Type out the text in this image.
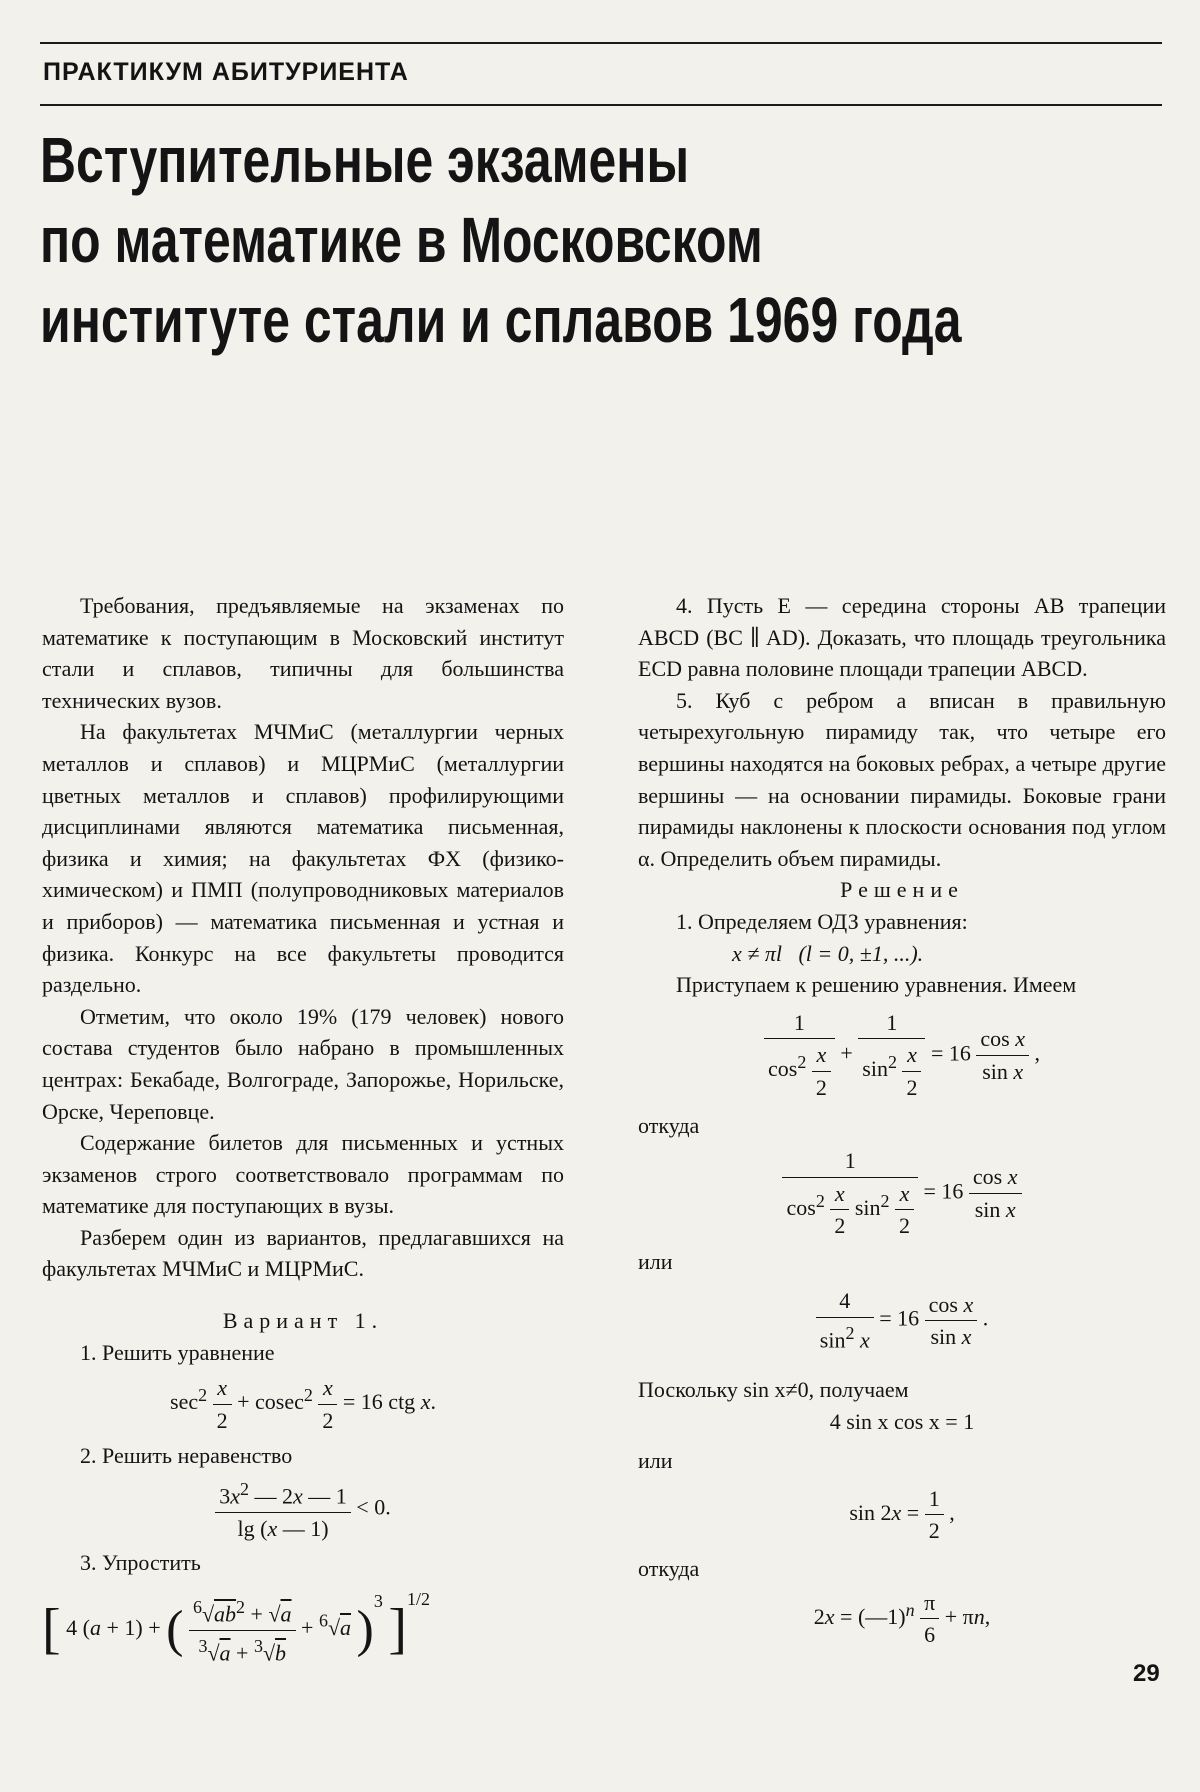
ПРАКТИКУМ АБИТУРИЕНТА
Вступительные экзамены
по математике в Московском
институте стали и сплавов 1969 года

Требования, предъявляемые на экзаменах по математике к поступающим в Московский институт стали и сплавов, типичны для большинства технических вузов.

На факультетах МЧМиС (металлургии черных металлов и сплавов) и МЦРМиС (металлургии цветных металлов и сплавов) профилирующими дисциплинами являются математика письменная, физика и химия; на факультетах ФХ (физико-химическом) и ПМП (полупроводниковых материалов и приборов) — математика письменная и устная и физика. Конкурс на все факультеты проводится раздельно.

Отметим, что около 19% (179 человек) нового состава студентов было набрано в промышленных центрах: Бекабаде, Волгограде, Запорожье, Норильске, Орске, Череповце.

Содержание билетов для письменных и устных экзаменов строго соответствовало программам по математике для поступающих в вузы.

Разберем один из вариантов, предлагавшихся на факультетах МЧМиС и МЦРМиС.

Вариант 1.
1. Решить уравнение
$\sec^2 \frac{x}{2} + cosec^2 \frac{x}{2} = 16$ ctg x.
2. Решить неравенство
$\frac{3x^2 — 2x — 1}{\lg (x — 1)} < 0$.
3. Упростить
[ 4 (a + 1) + ( $\frac{^6√ab^2 + √a}{^3√a + ^3√b} + ^6√a$ )$^3$ ]$^{1/2}$

4. Пусть E — середина стороны AB трапеции ABCD (BC ∥ AD). Доказать, что площадь треугольника ECD равна половине площади трапеции ABCD.

5. Куб с ребром a вписан в правильную четырехугольную пирамиду так, что четыре его вершины находятся на боковых ребрах, а четыре другие вершины — на основании пирамиды. Боковые грани пирамиды наклонены к плоскости основания под углом α. Определить объем пирамиды.

Решение
1. Определяем ОДЗ уравнения:
x ≠ πl   (l = 0, ±1, ...).
Приступаем к решению уравнения. Имеем
$\frac{1}{\cos^2 \frac{x}{2}} + \frac{1}{\sin^2 \frac{x}{2}} = 16 \frac{\text{cos x}}{\text{sin x}}$ ,
откуда
$\frac{1}{\cos^2 \frac{x}{2} \sin^2 \frac{x}{2}} = 16 \frac{\text{cos x}}{\text{sin x}}$
или
$\frac{4}{\sin^2 x} = 16 \frac{\text{cos x}}{\text{sin x}}$ .
Поскольку sin x≠0, получаем
4 sin x cos x = 1
или
$\sin 2x = \frac{1}{2}$ ,
откуда
2x = (—1)$^n$ $\frac{\pi}{6} + \pi n$,
29
